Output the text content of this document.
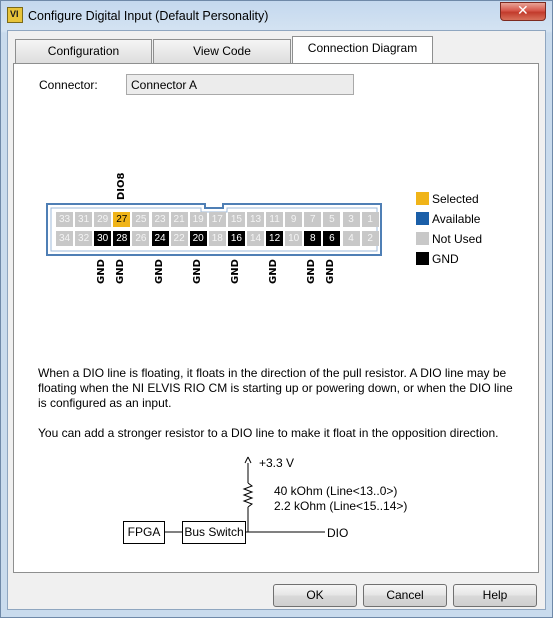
VI Configure Digital Input (Default Personality)	✕
Configuration	View Code	Connection Diagram
Connector:	Connector A
33 31 29 27 25 23 21 19 17 15 13 11	9	7	5	3	1
34 32 30 28 26 24 22 20 18 16 14 12 10	8	6	4	2
DIO8
GND GND	GND	GND	GND	GND	GND GND
Selected
Available
Not Used
GND
When a DIO line is floating, it floats in the direction of the pull resistor. A DIO line may be floating when the NI ELVIS RIO CM is starting up or powering down, or when the DIO line is configured as an input.
You can add a stronger resistor to a DIO line to make it float in the opposition direction.
+3.3 V
40 kOhm (Line<13..0>)
2.2 kOhm (Line<15..14>)
FPGA	Bus Switch	DIO
OK	Cancel	Help
